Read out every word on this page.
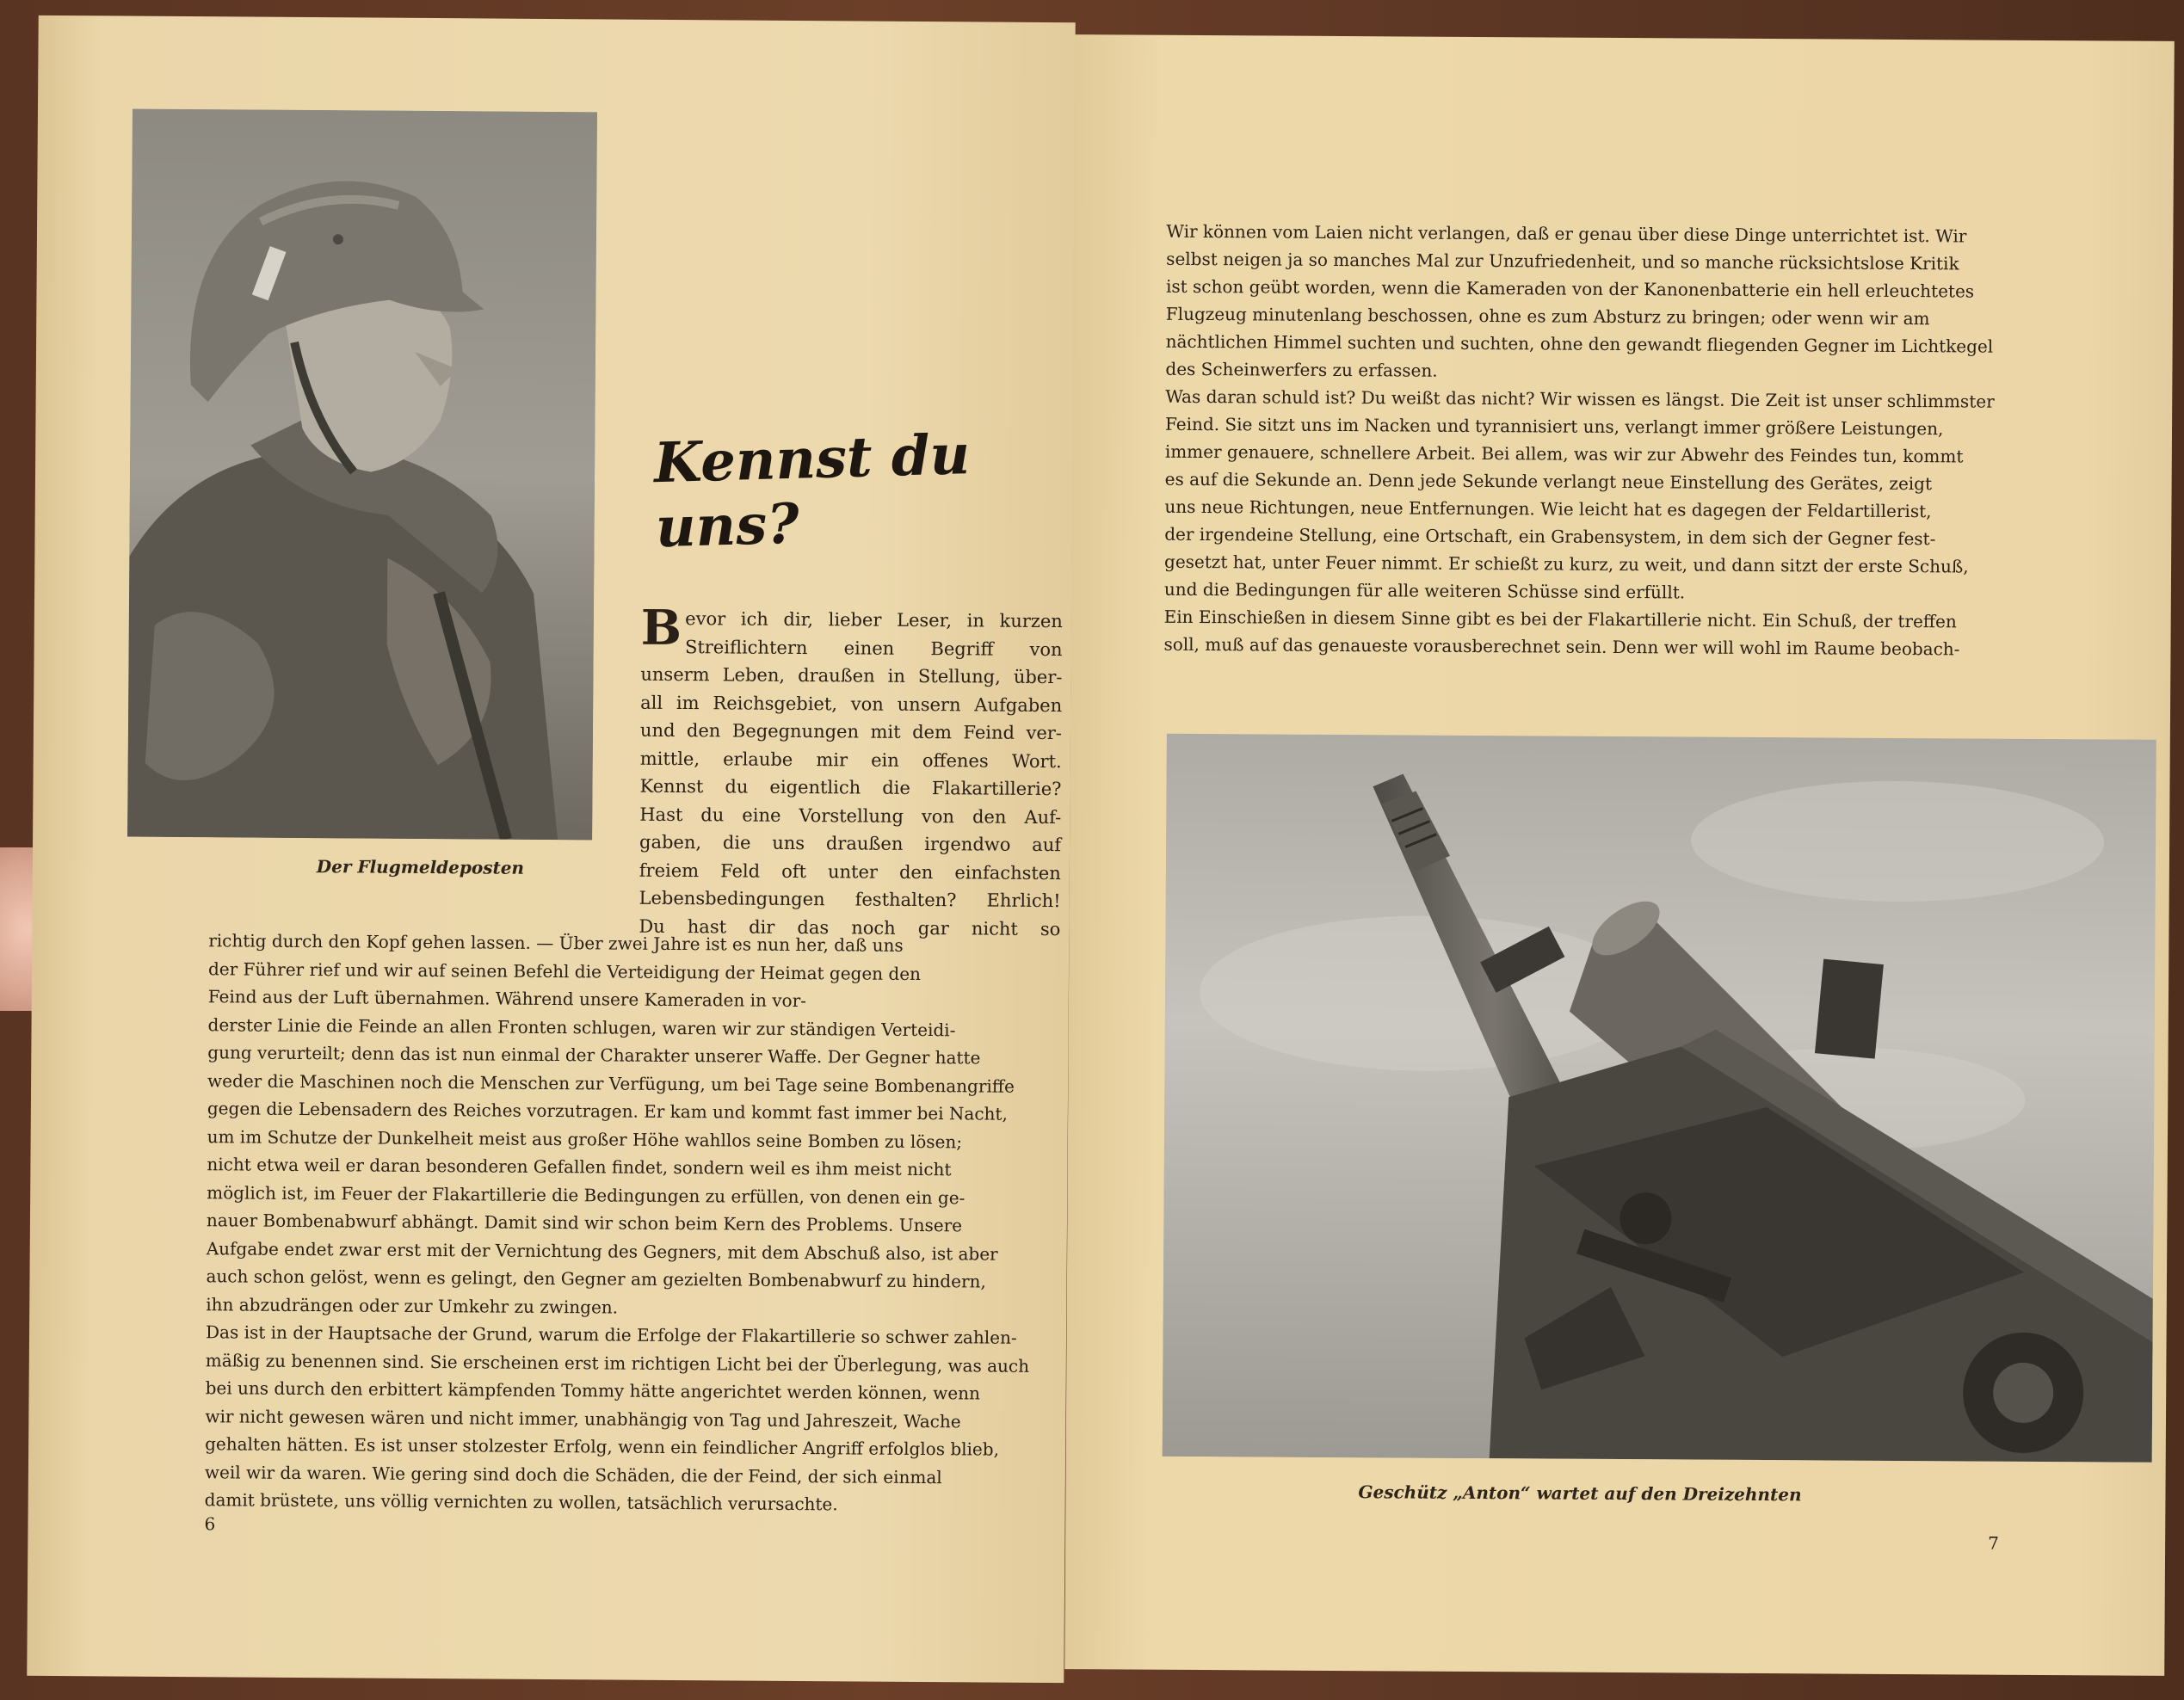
Der Flugmeldeposten
Kennst du uns?
B evor ich dir, lieber Leser, in kurzen
Streiflichtern einen Begriff von
unserm Leben, draußen in Stellung, über-
all im Reichsgebiet, von unsern Aufgaben
und den Begegnungen mit dem Feind ver-
mittle, erlaube mir ein offenes Wort.
Kennst du eigentlich die Flakartillerie?
Hast du eine Vorstellung von den Auf-
gaben, die uns draußen irgendwo auf
freiem Feld oft unter den einfachsten
Lebensbedingungen festhalten? Ehrlich!
Du hast dir das noch gar nicht so
richtig durch den Kopf gehen lassen. — Über zwei Jahre ist es nun her, daß uns
der Führer rief und wir auf seinen Befehl die Verteidigung der Heimat gegen den
Feind aus der Luft übernahmen. Während unsere Kameraden in vor-
derster Linie die Feinde an allen Fronten schlugen, waren wir zur ständigen Verteidi-
gung verurteilt; denn das ist nun einmal der Charakter unserer Waffe. Der Gegner hatte
weder die Maschinen noch die Menschen zur Verfügung, um bei Tage seine Bombenangriffe
gegen die Lebensadern des Reiches vorzutragen. Er kam und kommt fast immer bei Nacht,
um im Schutze der Dunkelheit meist aus großer Höhe wahllos seine Bomben zu lösen;
nicht etwa weil er daran besonderen Gefallen findet, sondern weil es ihm meist nicht
möglich ist, im Feuer der Flakartillerie die Bedingungen zu erfüllen, von denen ein ge-
nauer Bombenabwurf abhängt. Damit sind wir schon beim Kern des Problems. Unsere
Aufgabe endet zwar erst mit der Vernichtung des Gegners, mit dem Abschuß also, ist aber
auch schon gelöst, wenn es gelingt, den Gegner am gezielten Bombenabwurf zu hindern,
ihn abzudrängen oder zur Umkehr zu zwingen.
Das ist in der Hauptsache der Grund, warum die Erfolge der Flakartillerie so schwer zahlen-
mäßig zu benennen sind. Sie erscheinen erst im richtigen Licht bei der Überlegung, was auch
bei uns durch den erbittert kämpfenden Tommy hätte angerichtet werden können, wenn
wir nicht gewesen wären und nicht immer, unabhängig von Tag und Jahreszeit, Wache
gehalten hätten. Es ist unser stolzester Erfolg, wenn ein feindlicher Angriff erfolglos blieb,
weil wir da waren. Wie gering sind doch die Schäden, die der Feind, der sich einmal
damit brüstete, uns völlig vernichten zu wollen, tatsächlich verursachte.
6
Wir können vom Laien nicht verlangen, daß er genau über diese Dinge unterrichtet ist. Wir
selbst neigen ja so manches Mal zur Unzufriedenheit, und so manche rücksichtslose Kritik
ist schon geübt worden, wenn die Kameraden von der Kanonenbatterie ein hell erleuchtetes
Flugzeug minutenlang beschossen, ohne es zum Absturz zu bringen; oder wenn wir am
nächtlichen Himmel suchten und suchten, ohne den gewandt fliegenden Gegner im Lichtkegel
des Scheinwerfers zu erfassen.
Was daran schuld ist? Du weißt das nicht? Wir wissen es längst. Die Zeit ist unser schlimmster
Feind. Sie sitzt uns im Nacken und tyrannisiert uns, verlangt immer größere Leistungen,
immer genauere, schnellere Arbeit. Bei allem, was wir zur Abwehr des Feindes tun, kommt
es auf die Sekunde an. Denn jede Sekunde verlangt neue Einstellung des Gerätes, zeigt
uns neue Richtungen, neue Entfernungen. Wie leicht hat es dagegen der Feldartillerist,
der irgendeine Stellung, eine Ortschaft, ein Grabensystem, in dem sich der Gegner fest-
gesetzt hat, unter Feuer nimmt. Er schießt zu kurz, zu weit, und dann sitzt der erste Schuß,
und die Bedingungen für alle weiteren Schüsse sind erfüllt.
Ein Einschießen in diesem Sinne gibt es bei der Flakartillerie nicht. Ein Schuß, der treffen
soll, muß auf das genaueste vorausberechnet sein. Denn wer will wohl im Raume beobach-
Geschütz „Anton“ wartet auf den Dreizehnten
7
